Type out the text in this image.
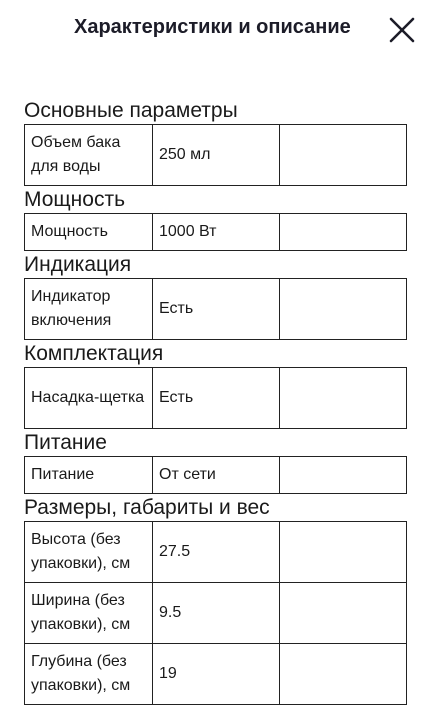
Характеристики и описание
Основные параметры
Объем бака для воды	250 мл	
Мощность
Мощность	1000 Вт	
Индикация
Индикатор включения	Есть	
Комплектация
Насадка-щетка	Есть	
Питание
Питание	От сети	
Размеры, габариты и вес
Высота (без упаковки), см	27.5	
Ширина (без упаковки), см	9.5	
Глубина (без упаковки), см	19	
